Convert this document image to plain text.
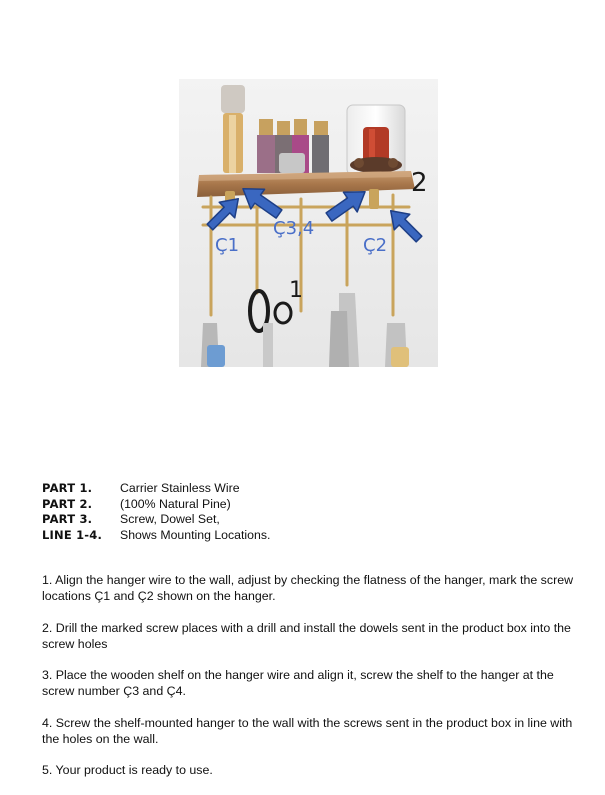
Ç1
Ç3,4
Ç2
1
2
PART 1.	Carrier Stainless Wire
PART 2.	(100% Natural Pine)
PART 3.	Screw, Dowel Set,
LINE 1-4.	Shows Mounting Locations.

1. Align the hanger wire to the wall, adjust by checking the flatness of the hanger, mark the screw locations Ç1 and Ç2 shown on the hanger.

2. Drill the marked screw places with a drill and install the dowels sent in the product box into the screw holes

3. Place the wooden shelf on the hanger wire and align it, screw the shelf to the hanger at the screw number Ç3 and Ç4.

4. Screw the shelf-mounted hanger to the wall with the screws sent in the product box in line with the holes on the wall.

5. Your product is ready to use.
